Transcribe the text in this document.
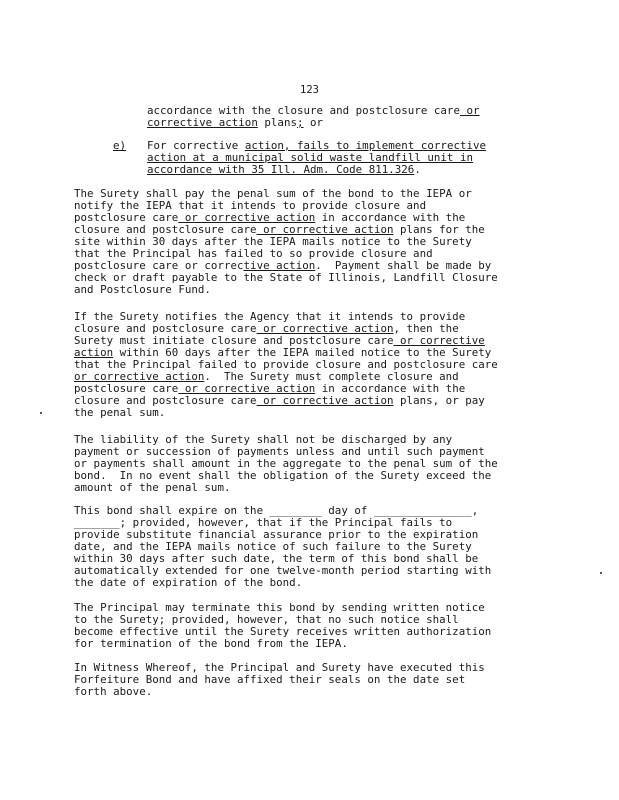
123
accordance with the closure and postclosure care or
corrective action plans; or
e) For corrective action, fails to implement corrective
action at a municipal solid waste landfill unit in
accordance with 35 Ill. Adm. Code 811.326.
The Surety shall pay the penal sum of the bond to the IEPA or
notify the IEPA that it intends to provide closure and
postclosure care or corrective action in accordance with the
closure and postclosure care or corrective action plans for the
site within 30 days after the IEPA mails notice to the Surety
that the Principal has failed to so provide closure and
postclosure care or corrective action.  Payment shall be made by
check or draft payable to the State of Illinois, Landfill Closure
and Postclosure Fund.
If the Surety notifies the Agency that it intends to provide
closure and postclosure care or corrective action, then the
Surety must initiate closure and postclosure care or corrective
action within 60 days after the IEPA mailed notice to the Surety
that the Principal failed to provide closure and postclosure care
or corrective action.  The Surety must complete closure and
postclosure care or corrective action in accordance with the
closure and postclosure care or corrective action plans, or pay
the penal sum.
The liability of the Surety shall not be discharged by any
payment or succession of payments unless and until such payment
or payments shall amount in the aggregate to the penal sum of the
bond.  In no event shall the obligation of the Surety exceed the
amount of the penal sum.
This bond shall expire on the ________ day of _______________,
_______; provided, however, that if the Principal fails to
provide substitute financial assurance prior to the expiration
date, and the IEPA mails notice of such failure to the Surety
within 30 days after such date, the term of this bond shall be
automatically extended for one twelve-month period starting with
the date of expiration of the bond.
The Principal may terminate this bond by sending written notice
to the Surety; provided, however, that no such notice shall
become effective until the Surety receives written authorization
for termination of the bond from the IEPA.
In Witness Whereof, the Principal and Surety have executed this
Forfeiture Bond and have affixed their seals on the date set
forth above.
